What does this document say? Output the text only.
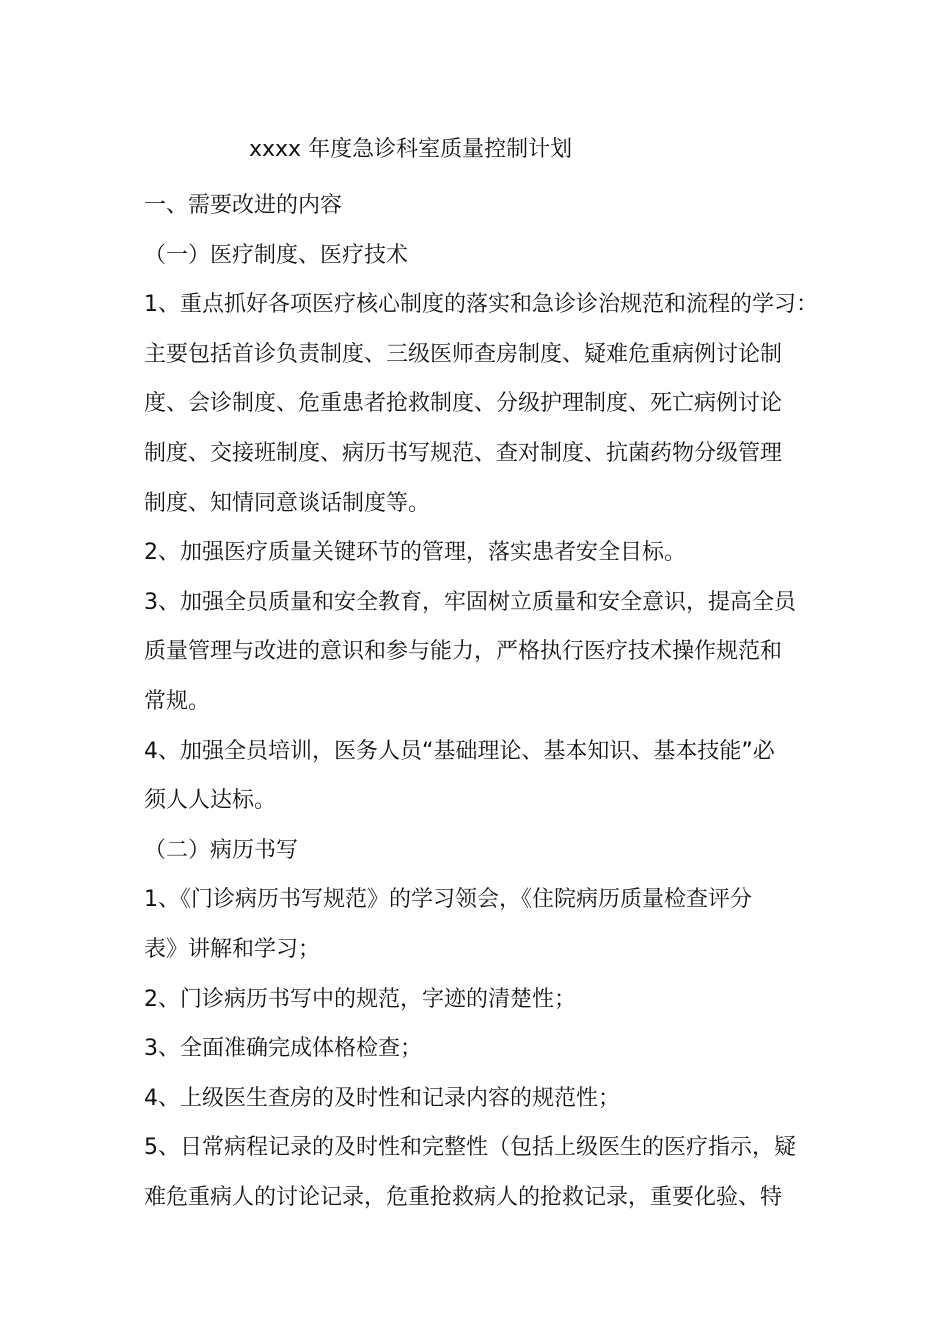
xxxx 年度急诊科室质量控制计划
一、需要改进的内容
（一）医疗制度、医疗技术
1、重点抓好各项医疗核心制度的落实和急诊诊治规范和流程的学习：
主要包括首诊负责制度、三级医师查房制度、疑难危重病例讨论制
度、会诊制度、危重患者抢救制度、分级护理制度、死亡病例讨论
制度、交接班制度、病历书写规范、查对制度、抗菌药物分级管理
制度、知情同意谈话制度等。
2、加强医疗质量关键环节的管理，落实患者安全目标。
3、加强全员质量和安全教育，牢固树立质量和安全意识，提高全员
质量管理与改进的意识和参与能力，严格执行医疗技术操作规范和
常规。
4、加强全员培训，医务人员“基础理论、基本知识、基本技能”必
须人人达标。
（二）病历书写
1、《门诊病历书写规范》的学习领会，《住院病历质量检查评分
表》讲解和学习；
2、门诊病历书写中的规范，字迹的清楚性；
3、全面准确完成体格检查；
4、上级医生查房的及时性和记录内容的规范性；
5、日常病程记录的及时性和完整性（包括上级医生的医疗指示，疑
难危重病人的讨论记录，危重抢救病人的抢救记录，重要化验、特
